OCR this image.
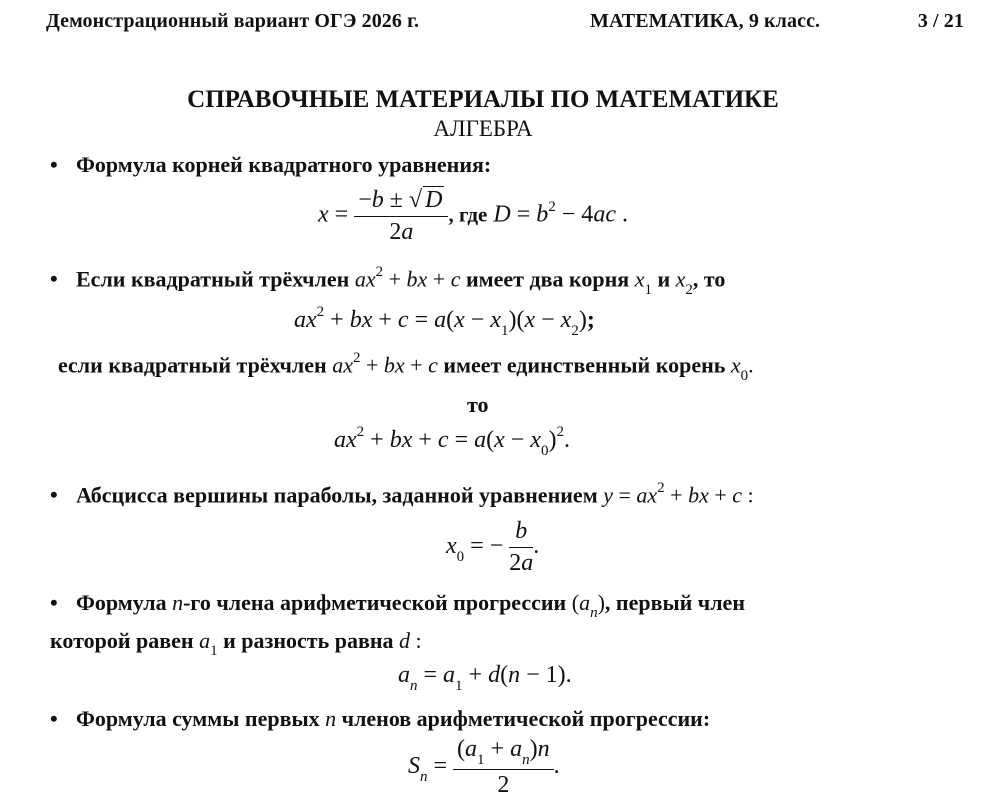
Демонстрационный вариант ОГЭ 2026 г.	МАТЕМАТИКА, 9 класс.	3 / 21
СПРАВОЧНЫЕ МАТЕРИАЛЫ ПО МАТЕМАТИКЕ
АЛГЕБРА
• Формула корней квадратного уравнения:
$x = \frac{-b \pm √ D}{2a}$ , где $D = b^2 - 4ac$ .
• Если квадратный трёхчлен $ax^2$ + bx + c имеет два корня $x_1$ и $x_2$, то
$ax^2$ + bx + $c = a(x - x_1)(x - x_2)$;
если квадратный трёхчлен $ax^2$ + bx + c имеет единственный корень $x_0$.
то
$ax^2$ + bx + $c = a(x - x_0)^2$.
• Абсцисса вершины параболы, заданной уравнением $y = ax^2$ + bx + c :
$x_0$ = − $\frac{b}{2a}$ .
• Формула n-го члена арифметической прогрессии $(a_n)$, первый член
которой равен $a_1$ и разность равна d :
$a_n = a_1 + d(n - 1)$.
• Формула суммы первых n членов арифметической прогрессии:
$S_n = \frac{(a_1 + a_n)n}{2}$ .
